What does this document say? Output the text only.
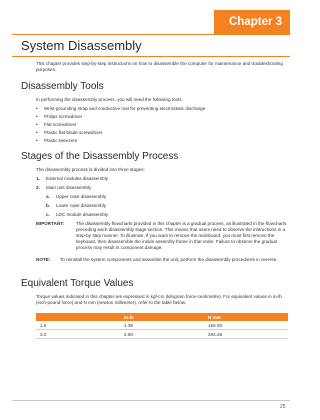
Chapter 3
System Disassembly

This chapter provides step-by-step instructions on how to disassemble the computer for maintenance and troubleshooting purposes.

Disassembly Tools

In performing the disassembly process, you will need the following tools:

• Wrist-grounding strap and conductive mat for preventing electrostatic discharge
• Philips screwdriver
• Flat screwdriver
• Plastic flat-blade screwdriver
• Plastic tweezers
Stages of the Disassembly Process

The disassembly process is divided into three stages:

1. External modules disassembly
2. Main unit disassembly
a. Upper case disassembly
b. Lower case disassembly
c. LDC module disassembly
IMPORTANT:	The disassembly flowcharts provided in this chapter is a gradual process, as illustrated in the flowcharts preceding each disassembly stage section. This means that users need to observe the instructions in a step-by step manner. To illustrate, if you want to remove the mainboard, you must first remove the keyboard, then disassemble the inside assembly frame in that order. Failure to observe the gradual process may result in component damage.
NOTE: To reinstall the system components and assemble the unit, perform the disassembly procedures in reverse.
Equivalent Torque Values

Torque values indicated in this chapter are expressed in kgf-cm (kilogram force-centimetre). For equivalent values in in-lb (inch-pound force) and N mm (newton millimeter), refer to the table below.

	in-lb	N mm
1.6	1.39	156.93
3.0	2.60	294.25
25
